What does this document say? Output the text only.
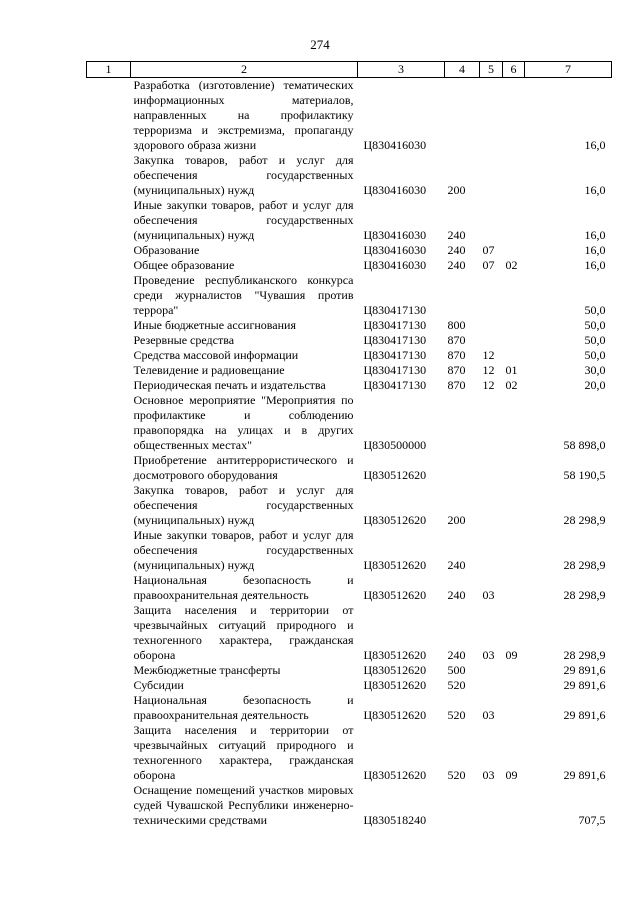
274
1	2	3	4	5	6	7
	Разработка (изготовление) тематических информационных материалов, направленных на профилактику терроризма и экстремизма, пропаганду здорового образа жизни	Ц830416030				16,0
	Закупка товаров, работ и услуг для обеспечения государственных (муниципальных) нужд	Ц830416030	200			16,0
	Иные закупки товаров, работ и услуг для обеспечения государственных (муниципальных) нужд	Ц830416030	240			16,0
	Образование	Ц830416030	240	07		16,0
	Общее образование	Ц830416030	240	07	02	16,0
	Проведение республиканского конкурса среди журналистов "Чувашия против террора"	Ц830417130				50,0
	Иные бюджетные ассигнования	Ц830417130	800			50,0
	Резервные средства	Ц830417130	870			50,0
	Средства массовой информации	Ц830417130	870	12		50,0
	Телевидение и радиовещание	Ц830417130	870	12	01	30,0
	Периодическая печать и издательства	Ц830417130	870	12	02	20,0
	Основное мероприятие "Мероприятия по профилактике и соблюдению правопорядка на улицах и в других общественных местах"	Ц830500000				58 898,0
	Приобретение антитеррористического и досмотрового оборудования	Ц830512620				58 190,5
	Закупка товаров, работ и услуг для обеспечения государственных (муниципальных) нужд	Ц830512620	200			28 298,9
	Иные закупки товаров, работ и услуг для обеспечения государственных (муниципальных) нужд	Ц830512620	240			28 298,9
	Национальная безопасность и правоохранительная деятельность	Ц830512620	240	03		28 298,9
	Защита населения и территории от чрезвычайных ситуаций природного и техногенного характера, гражданская оборона	Ц830512620	240	03	09	28 298,9
	Межбюджетные трансферты	Ц830512620	500			29 891,6
	Субсидии	Ц830512620	520			29 891,6
	Национальная безопасность и правоохранительная деятельность	Ц830512620	520	03		29 891,6
	Защита населения и территории от чрезвычайных ситуаций природного и техногенного характера, гражданская оборона	Ц830512620	520	03	09	29 891,6
	Оснащение помещений участков мировых судей Чувашской Республики инженерно-техническими средствами	Ц830518240				707,5
